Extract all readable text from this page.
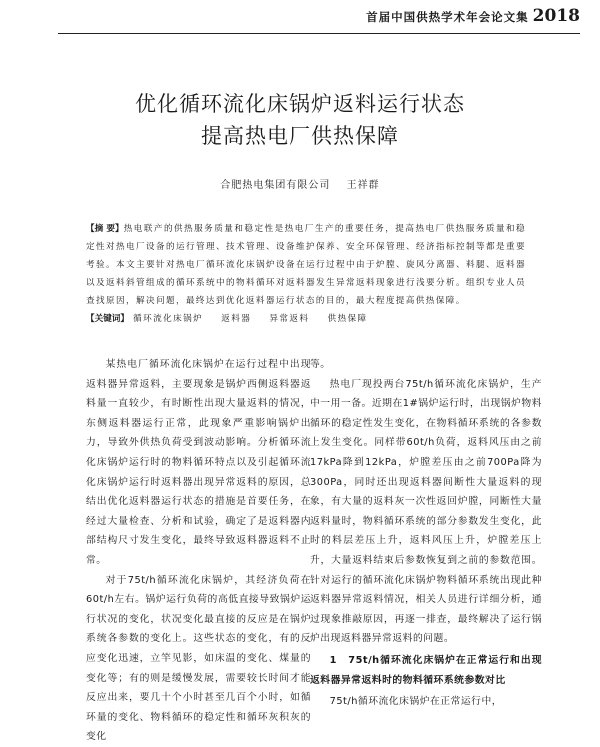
首届中国供热学术年会论文集 2018
优化循环流化床锅炉返料运行状态
提高热电厂供热保障
合肥热电集团有限公司 王祥群
【摘 要】热电联产的供热服务质量和稳定性是热电厂生产的重要任务，提高热电厂供热服务质量和稳定性对热电厂设备的运行管理、技术管理、设备维护保养、安全环保管理、经济指标控制等都是重要考验。本文主要针对热电厂循环流化床锅炉设备在运行过程中由于炉膛、旋风分离器、料腿、返料器以及返料斜管组成的循环系统中的物料循环对返料器发生异常返料现象进行浅要分析。组织专业人员查找原因，解决问题，最终达到优化返料器运行状态的目的，最大程度提高供热保障。
【关键词】 循环流化床锅炉 返料器 异常返料 供热保障

某热电厂循环流化床锅炉在运行过程中出现返料器异常返料，主要现象是锅炉西侧返料器返料量一直较少，有时断性出现大量返料的情况，东侧返料器运行正常，此现象严重影响锅炉出力，导致外供热负荷受到波动影响。分析循环流化床锅炉运行时的物料循环特点以及引起循环流化床锅炉运行时返料器出现异常返料的原因，总结出优化返料器运行状态的措施是首要任务，在经过大量检查、分析和试验，确定了是返料器内部结构尺寸发生变化，最终导致返料器返料不止常。

对于75t/h循环流化床锅炉，其经济负荷在60t/h左右。锅炉运行负荷的高低直接导致锅炉运行状况的变化，状况变化最直接的反应是在锅炉系统各参数的变化上。这些状态的变化，有的反应变化迅速，立竿见影，如床温的变化、煤量的变化等；有的则是缓慢发展，需要较长时间才能反应出来，要几十个小时甚至几百个小时，如循环量的变化、物料循环的稳定性和循环灰积灰的变化

等。

热电厂现投两台75t/h循环流化床锅炉，生产中一用一备。近期在1#锅炉运行时，出现锅炉物料循环的稳定性发生变化，在物料循环系统的各参数上发生变化。同样带60t/h负荷，返料风压由之前17kPa降到12kPa，炉膛差压由之前700Pa降为300Pa，同时还出现返料器间断性大量返料的现象，有大量的返料灰一次性返回炉膛，同断性大量返料量时，物料循环系统的部分参数发生变化，此时的料层差压上升，返料风压上升，炉膛差压上升，大量返料结束后参数恢复到之前的参数范围。针对运行的循环流化床锅炉物料循环系统出现此种返料器异常返料情况，相关人员进行详细分析，通过现象推敲原因，再逐一排查，最终解决了运行锅炉出现返料器异常返料的问题。

1　75t/h循环流化床锅炉在正常运行和出现返料器异常返料时的物料循环系统参数对比

75t/h循环流化床锅炉在正常运行中，
